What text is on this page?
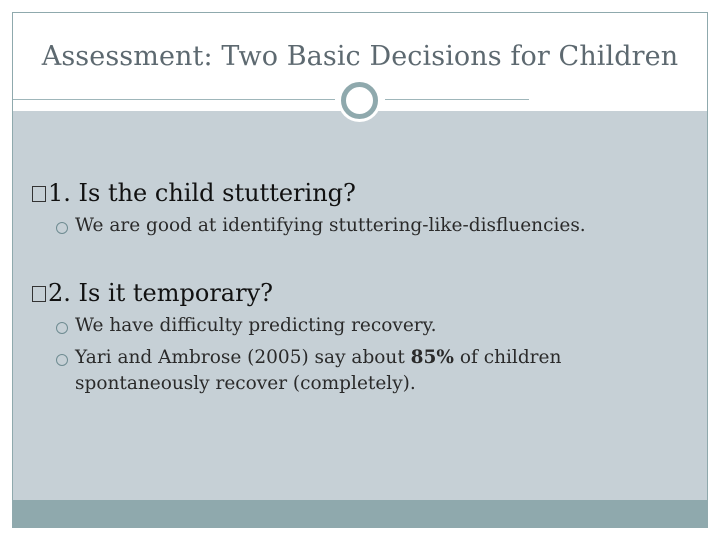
Assessment: Two Basic Decisions for Children
1. Is the child stuttering?
We are good at identifying stuttering-like-disfluencies.
2. Is it temporary?
We have difficulty predicting recovery.
Yari and Ambrose (2005) say about 85% of children
spontaneously recover (completely).
